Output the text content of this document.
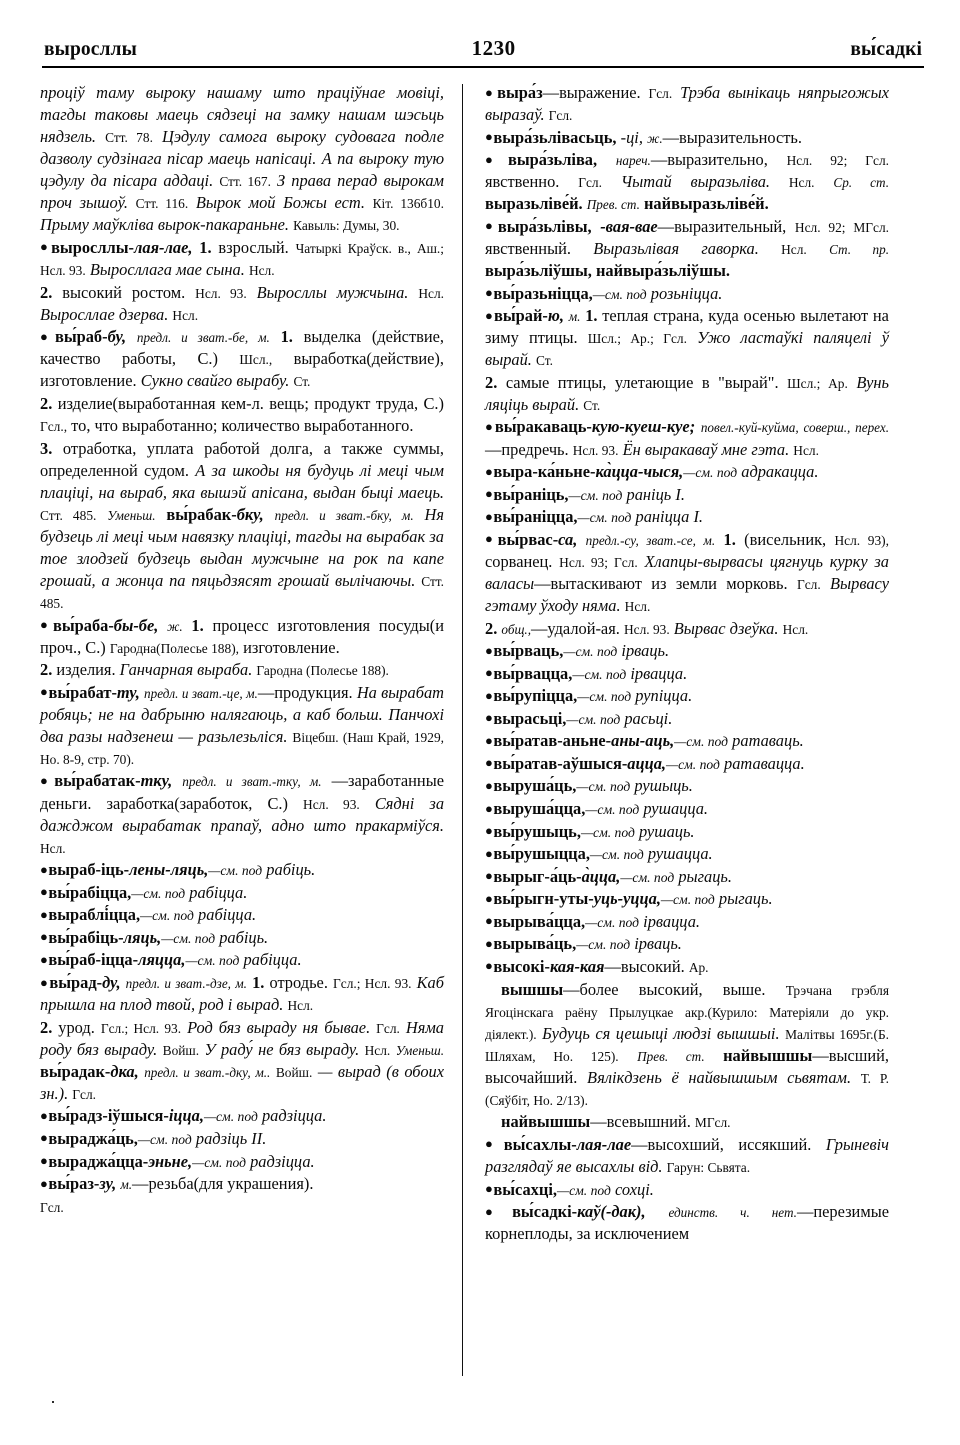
выросллы	1230	вы́садкі

проціў таму выроку нашаму што праціўнае мовіці, тагды таковы маець сядзеці на замку нашам шэсьць нядзель. Стт. 78. Цэдулу самога выроку судовага подле дазволу судзінага пісар маець напісаці. А па выроку тую цэдулу да пісара аддаці. Стт. 167. З права перад вырокам проч зышоў. Стт. 116. Вырок мой Божы ест. Кіт. 136б10. Прыму маўкліва вырок-пакараньне. Кавыль: Думы, 30.

●выросллы-лая-лае, 1. взрослый. Чатыркі Краўск. в., Аш.; Нсл. 93. Выросллага мае сына. Нсл.

2. высокий ростом. Нсл. 93. Выросллы мужчына. Нсл. Выросллае дзерва. Нсл.

●вы́раб-бу, предл. и зват.-бе, м. 1. выделка (действие, качество работы, С.) Шсл., выработка(действие), изготовление. Сукно свайго вырабу. Ст.

2. изделие(выработанная кем-л. вещь; продукт труда, С.) Гсл., то, что выработанно; количество выработанного.

3. отработка, уплата работой долга, а также суммы, определенной судом. А за шкоды ня будуць лі меці чым плаціці, на выраб, яка вышэй апісана, выдан быці маець. Стт. 485. Уменьш. вы́рабак-бку, предл. и зват.-бку, м. Ня будзець лі меці чым навязку плаціці, тагды на вырабак за тое злодзей будзець выдан мужчыне на рок па капе грошай, а жонца па пяцьдзясят грошай вылічаючы. Стт. 485.

●вы́раба-бы-бе, ж. 1. процесс изготовления посуды(и проч., С.) Гародна(Полесье 188), изготовление.

2. изделия. Ганчарная выраба. Гародна (Полесье 188).

●вы́рабат-ту, предл. и зват.-це, м.—продукция. На вырабат робяць; не на дабрыню налягаюць, а каб больш. Панчохі два разы надзенеш — разьлезьліся. Віцебш. (Наш Край, 1929, Но. 8-9, стр. 70).

●вы́рабатак-тку, предл. и зват.-тку, м. —заработанные деньги. заработка(заработок, С.) Нсл. 93. Сядні за дажджом вырабатак прапаў, адно што пракарміўся. Нсл.

●выраб-іць-лены-ляць,—см. под рабіць.

●вы́рабіцца,—см. под рабіцца.

●выраблі́цца,—см. под рабіцца.

●вы́рабіць-ляць,—см. под рабіць.

●вы́раб-іцца-ляцца,—см. под рабіцца.

●вы́рад-ду, предл. и зват.-дзе, м. 1. отродье. Гсл.; Нсл. 93. Каб прышла на плод твой, род і вырад. Нсл.

2. урод. Гсл.; Нсл. 93. Род бяз выраду ня бывае. Гсл. Няма роду бяз выраду. Войш. У раду́ не бяз выраду. Нсл. Уменьш. вы́радак-дка, предл. и зват.-дку, м.. Войш. — вырад (в обоих зн.). Гсл.

●вы́радз-іўшыся-іцца,—см. под радзіцца.

●выраджа́ць,—см. под радзіць II.

●выраджа́цца-эньне,—см. под радзіцца.

●вы́раз-зу, м.—резьба(для украшения).

Гсл.

●выра́з—выражение. Гсл. Трэба вынікаць няпрыгожых выразаў. Гсл.

●выра́зьлівасьць, -ці, ж.—выразительность.

●выра́зьліва, нареч.—выразительно, Нсл. 92; Гсл. явственно. Гсл. Чытай выразьліва. Нсл. Ср. ст. выразьліве́й. Прев. ст. найвыразьліве́й.

●выра́зьлівы, -вая-вае—выразительный, Нсл. 92; МГсл. явственный. Выразьлівая гаворка. Нсл. Ст. пр. выра́зьліўшы, найвыра́зьліўшы.

●вы́разьніцца,—см. под розьніцца.

●вы́рай-ю, м. 1. теплая страна, куда осенью вылетают на зиму птицы. Шсл.; Ар.; Гсл. Ужо ластаўкі паляцелі ў вырай. Ст.

2. самые птицы, улетающие в "вырай". Шсл.; Ар. Вунь ляціць вырай. Ст.

●вы́ракаваць-кую-куеш-куе; повел.-куй-куйма, соверш., перех.—предречь. Нсл. 93. Ён выракаваў мне гэта. Нсл.

●выра-ка́ньне-ка̀цца-чыся,—см. под адракацца.

●вы́раніць,—см. под раніць I.

●вы́раніцца,—см. под раніцца I.

●вы́рвас-са, предл.-су, зват.-се, м. 1. (висельник, Нсл. 93), сорванец. Нсл. 93; Гсл. Хлапцы-вырвасы цягнуць курку за валасы—вытаскивают из земли морковь. Гсл. Вырвасу гэтаму ўходу няма. Нсл.

2. общ.,—удалой-ая. Нсл. 93. Вырвас дзеўка. Нсл.

●вы́рваць,—см. под ірваць.

●вы́рвацца,—см. под ірвацца.

●вы́рупіцца,—см. под рупіцца.

●вырасьці,—см. под расьці.

●вы́ратав-аньне-аны-аць,—см. под ратаваць.

●вы́ратав-аўшыся-ацца,—см. под ратавацца.

●выруша́ць,—см. под рушыць.

●выруша́цца,—см. под рушацца.

●вы́рушыць,—см. под рушаць.

●вы́рушыцца,—см. под рушацца.

●вырыг-а́ць-а̀цца,—см. под рыгаць.

●вы́рыгн-уты-уць-уцца,—см. под рыгаць.

●вырыва́цца,—см. под ірвацца.

●вырыва́ць,—см. под ірваць.

●высокі-кая-кая—высокий. Ар.

вышшы—более высокий, выше. Трэчана грэбля Ягоцінскага раёну Прылуцкае акр.(Курило: Матеріяли до укр. діялект.). Будуць ся цешыці людзі вышшыі. Малітвы 1695г.(Б. Шляхам, Но. 125). Прев. ст. найвышшы—высший, высочайший. Вялікдзень ё найвышшым сьвятам. Т. Р.(Сяўбіт, Но. 2/13).

найвышшы—всевышний. МГсл.

●вы́сахлы-лая-лае—высохший, иссякший. Грыневіч разглядаў яе высахлы від. Гарун: Сьвята.

●вы́сахці,—см. под сохці.

●вы́садкі-каў(-дак), единств. ч. нет.—перезимые корнеплоды, за исключением
